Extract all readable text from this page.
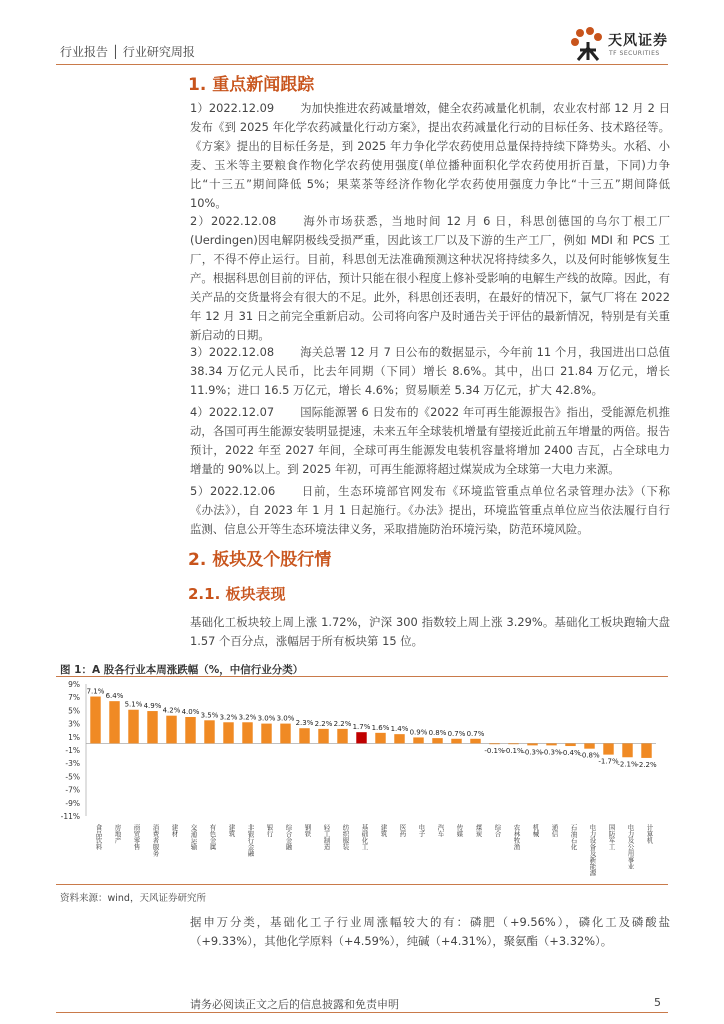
行业报告 │ 行业研究周报
天风证券
TF SECURITIES
1. 重点新闻跟踪
1）2022.12.09 为加快推进农药减量增效，健全农药减量化机制，农业农村部 12 月 2 日发布《到 2025 年化学农药减量化行动方案》，提出农药减量化行动的目标任务、技术路径等。《方案》提出的目标任务是，到 2025 年力争化学农药使用总量保持持续下降势头。水稻、小麦、玉米等主要粮食作物化学农药使用强度(单位播种面积化学农药使用折百量，下同)力争比“十三五”期间降低 5%；果菜茶等经济作物化学农药使用强度力争比“十三五”期间降低 10%。
2）2022.12.08 海外市场获悉，当地时间 12 月 6 日，科思创德国的乌尔丁根工厂(Uerdingen)因电解阴极线受损严重，因此该工厂以及下游的生产工厂，例如 MDI 和 PCS 工厂，不得不停止运行。目前，科思创无法准确预测这种状况将持续多久，以及何时能够恢复生产。根据科思创目前的评估，预计只能在很小程度上修补受影响的电解生产线的故障。因此，有关产品的交货量将会有很大的不足。此外，科思创还表明，在最好的情况下，氯气厂将在 2022 年 12 月 31 日之前完全重新启动。公司将向客户及时通告关于评估的最新情况，特别是有关重新启动的日期。
3）2022.12.08 海关总署 12 月 7 日公布的数据显示，今年前 11 个月，我国进出口总值 38.34 万亿元人民币，比去年同期（下同）增长 8.6%。其中，出口 21.84 万亿元，增长 11.9%；进口 16.5 万亿元，增长 4.6%；贸易顺差 5.34 万亿元，扩大 42.8%。
4）2022.12.07 国际能源署 6 日发布的《2022 年可再生能源报告》指出，受能源危机推动，各国可再生能源安装明显提速，未来五年全球装机增量有望接近此前五年增量的两倍。报告预计，2022 年至 2027 年间，全球可再生能源发电装机容量将增加 2400 吉瓦，占全球电力增量的 90%以上。到 2025 年初，可再生能源将超过煤炭成为全球第一大电力来源。
5）2022.12.06 日前，生态环境部官网发布《环境监管重点单位名录管理办法》（下称《办法》），自 2023 年 1 月 1 日起施行。《办法》提出，环境监管重点单位应当依法履行自行监测、信息公开等生态环境法律义务，采取措施防治环境污染，防范环境风险。
2. 板块及个股行情
2.1. 板块表现
基础化工板块较上周上涨 1.72%，沪深 300 指数较上周上涨 3.29%。基础化工板块跑输大盘 1.57 个百分点，涨幅居于所有板块第 15 位。
图 1：A 股各行业本周涨跌幅（%，中信行业分类）
9%
7%
5%
3%
1%
-1%
-3%
-5%
-7%
-9%
-11%
7.1%
食品饮料
6.4%
房地产
5.1%
商贸零售
4.9%
消费者服务
4.2%
建材
4.0%
交通运输
3.5%
有色金属
3.2%
建筑
3.2%
非银行金融
3.0%
银行
3.0%
综合金融
2.3%
钢铁
2.2%
轻工制造
2.2%
纺织服装
1.7%
基础化工
1.6%
建筑
1.4%
医药
0.9%
电子
0.8%
汽车
0.7%
传媒
0.7%
煤炭
-0.1%
综合
-0.1%
农林牧渔
-0.3%
机械
-0.3%
通信
-0.4%
石油石化
-0.8%
电力设备及新能源
-1.7%
国防军工
-2.1%
电力及公用事业
-2.2%
计算机
资料来源：wind，天风证券研究所
据申万分类，基础化工子行业周涨幅较大的有：磷肥（+9.56%），磷化工及磷酸盐（+9.33%），其他化学原料（+4.59%），纯碱（+4.31%），聚氨酯（+3.32%）。
请务必阅读正文之后的信息披露和免责申明	5
